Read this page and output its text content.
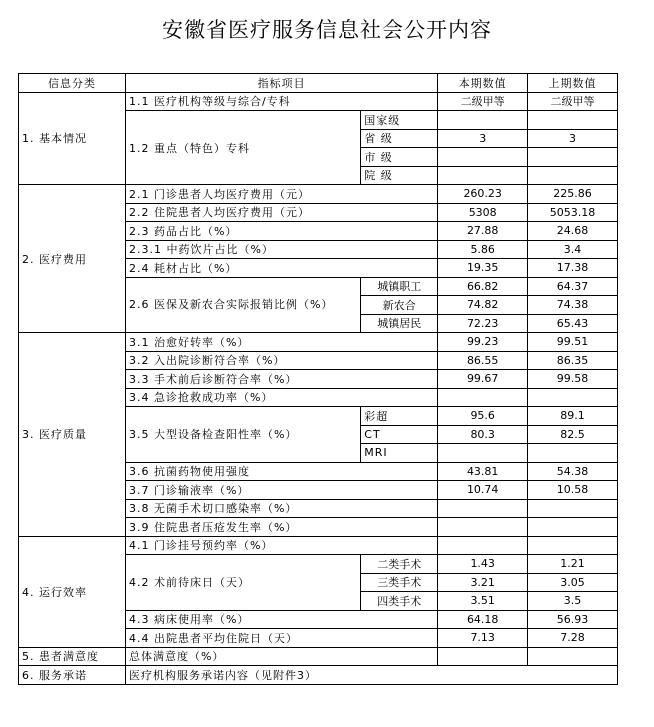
安徽省医疗服务信息社会公开内容
信息分类	指标项目		本期数值	上期数值
1. 基本情况	1.1 医疗机构等级与综合/专科		二级甲等	二级甲等
	1.2 重点（特色）专科	国家级		
		省 级	3	3
		市 级		
		院 级		
2. 医疗费用	2.1 门诊患者人均医疗费用（元）		260.23	225.86
	2.2 住院患者人均医疗费用（元）		5308	5053.18
	2.3 药品占比（%）		27.88	24.68
	2.3.1 中药饮片占比（%）		5.86	3.4
	2.4 耗材占比（%）		19.35	17.38
	2.6 医保及新农合实际报销比例（%）	城镇职工	66.82	64.37
		新农合	74.82	74.38
		城镇居民	72.23	65.43
3. 医疗质量	3.1 治愈好转率（%）		99.23	99.51
	3.2 入出院诊断符合率（%）		86.55	86.35
	3.3 手术前后诊断符合率（%）		99.67	99.58
	3.4 急诊抢救成功率（%）			
	3.5 大型设备检查阳性率（%）	彩超	95.6	89.1
		CT	80.3	82.5
		MRI		
	3.6 抗菌药物使用强度		43.81	54.38
	3.7 门诊输液率（%）		10.74	10.58
	3.8 无菌手术切口感染率（%）			
	3.9 住院患者压疮发生率（%）			
4. 运行效率	4.1 门诊挂号预约率（%）			
	4.2 术前待床日（天）	二类手术	1.43	1.21
		三类手术	3.21	3.05
		四类手术	3.51	3.5
	4.3 病床使用率（%）		64.18	56.93
	4.4 出院患者平均住院日（天）		7.13	7.28
5. 患者满意度	总体满意度（%）			
6. 服务承诺	医疗机构服务承诺内容（见附件3）			
